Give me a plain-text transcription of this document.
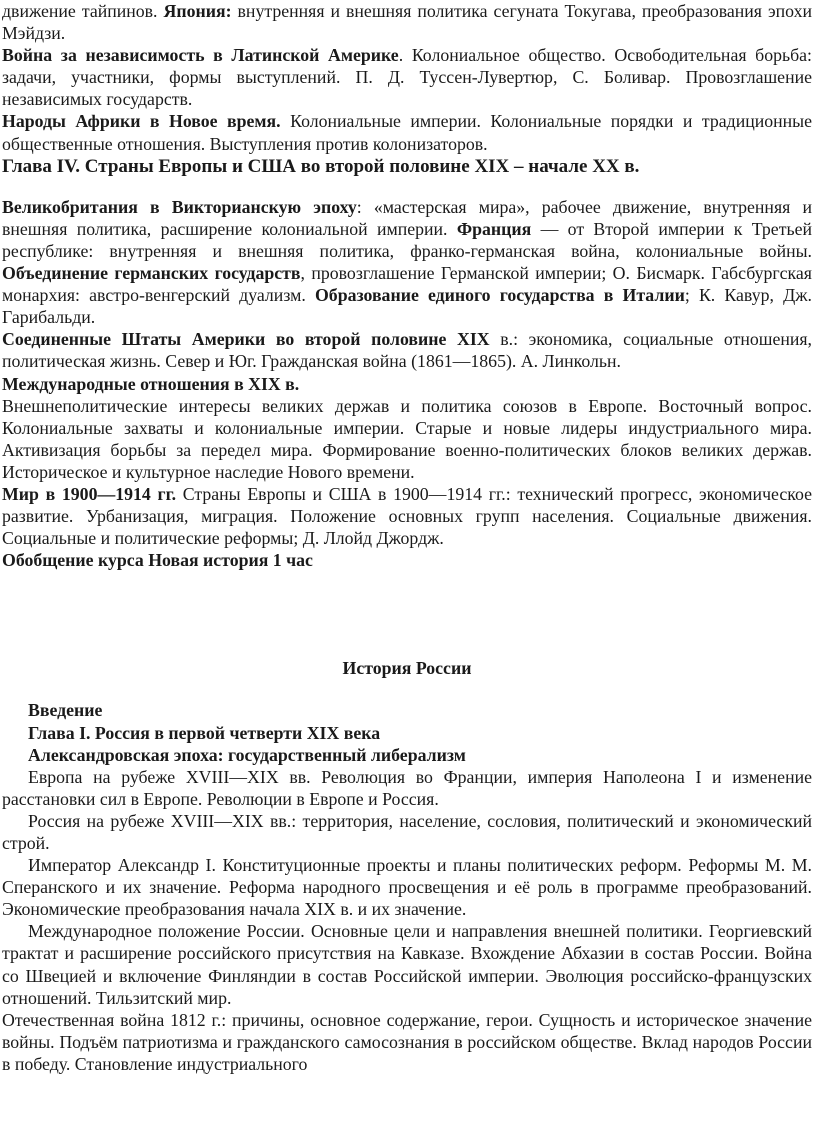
движение тайпинов. Япония: внутренняя и внешняя политика сегуната Токугава, преобразования эпохи Мэйдзи.

Война за независимость в Латинской Америке. Колониальное общество. Освободительная борьба: задачи, участники, формы выступлений. П. Д. Туссен-Лувертюр, С. Боливар. Провозглашение независимых государств.

Народы Африки в Новое время. Колониальные империи. Колониальные порядки и традиционные общественные отношения. Выступления против колонизаторов.

Глава IV. Страны Европы и США во второй половине XIX – начале XX в.

Великобритания в Викторианскую эпоху: «мастерская мира», рабочее движение, внутренняя и внешняя политика, расширение колониальной империи. Франция — от Второй империи к Третьей республике: внутренняя и внешняя политика, франко-германская война, колониальные войны. Объединение германских государств, провозглашение Германской империи; О. Бисмарк. Габсбургская монархия: австро-венгерский дуализм. Образование единого государства в Италии; К. Кавур, Дж. Гарибальди.

Соединенные Штаты Америки во второй половине XIX в.: экономика, социальные отношения, политическая жизнь. Север и Юг. Гражданская война (1861—1865). А. Линкольн.

Международные отношения в XIX в.

Внешнеполитические интересы великих держав и политика союзов в Европе. Восточный вопрос. Колониальные захваты и колониальные империи. Старые и новые лидеры индустриального мира. Активизация борьбы за передел мира. Формирование военно-политических блоков великих держав. Историческое и культурное наследие Нового времени.

Мир в 1900—1914 гг. Страны Европы и США в 1900—1914 гг.: технический прогресс, экономическое развитие. Урбанизация, миграция. Положение основных групп населения. Социальные движения. Социальные и политические реформы; Д. Ллойд Джордж.

Обобщение курса Новая история 1 час

История России
Введение
Глава I. Россия в первой четверти XIX века
Александровская эпоха: государственный либерализм

Европа на рубеже XVIII—XIX вв. Революция во Франции, империя Наполеона I и изменение расстановки сил в Европе. Революции в Европе и Россия.

Россия на рубеже XVIII—XIX вв.: территория, население, сословия, политический и экономический строй.

Император Александр I. Конституционные проекты и планы политических реформ. Реформы М. М. Сперанского и их значение. Реформа народного просвещения и её роль в программе преобразований. Экономические преобразования начала XIX в. и их значение.

Международное положение России. Основные цели и направления внешней политики. Георгиевский трактат и расширение российского присутствия на Кавказе. Вхождение Абхазии в состав России. Война со Швецией и включение Финляндии в состав Российской империи. Эволюция российско-французских отношений. Тильзитский мир.

Отечественная война 1812 г.: причины, основное содержание, герои. Сущность и историческое значение войны. Подъём патриотизма и гражданского самосознания в российском обществе. Вклад народов России в победу. Становление индустриального
